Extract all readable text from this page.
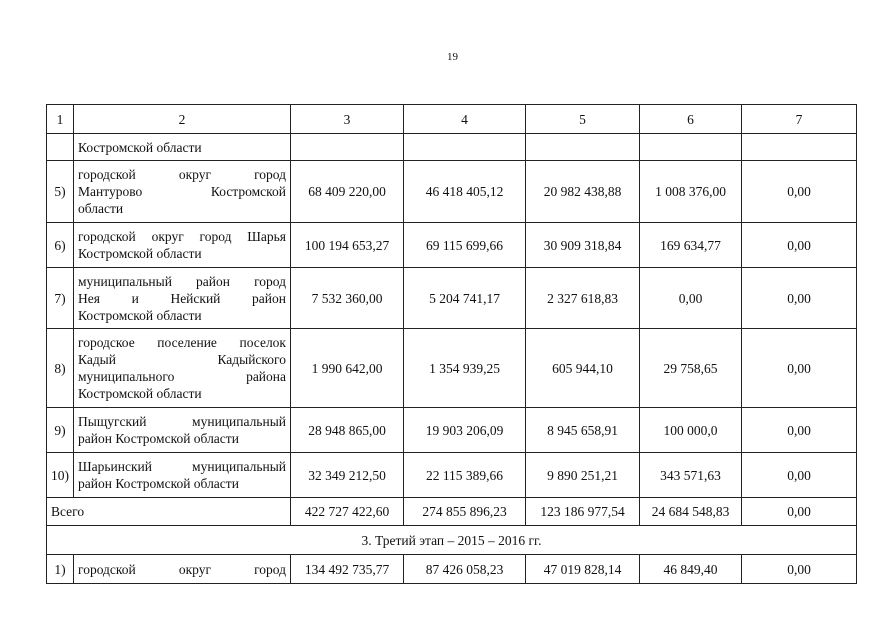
19
1	2	3	4	5	6	7
	Костромской области					
5)	городской округ город
Мантурово Костромской
области	68 409 220,00	46 418 405,12	20 982 438,88	1 008 376,00	0,00
6)	городской округ город Шарья
Костромской области	100 194 653,27	69 115 699,66	30 909 318,84	169 634,77	0,00
7)	муниципальный район город
Нея и Нейский район
Костромской области	7 532 360,00	5 204 741,17	2 327 618,83	0,00	0,00
8)	городское поселение поселок
Кадый Кадыйского
муниципального района
Костромской области	1 990 642,00	1 354 939,25	605 944,10	29 758,65	0,00
9)	Пыщугский муниципальный
район Костромской области	28 948 865,00	19 903 206,09	8 945 658,91	100 000,0	0,00
10)	Шарьинский муниципальный
район Костромской области	32 349 212,50	22 115 389,66	9 890 251,21	343 571,63	0,00
Всего		422 727 422,60	274 855 896,23	123 186 977,54	24 684 548,83	0,00
3. Третий этап – 2015 – 2016 гг.						
1)	городской округ город	134 492 735,77	87 426 058,23	47 019 828,14	46 849,40	0,00
